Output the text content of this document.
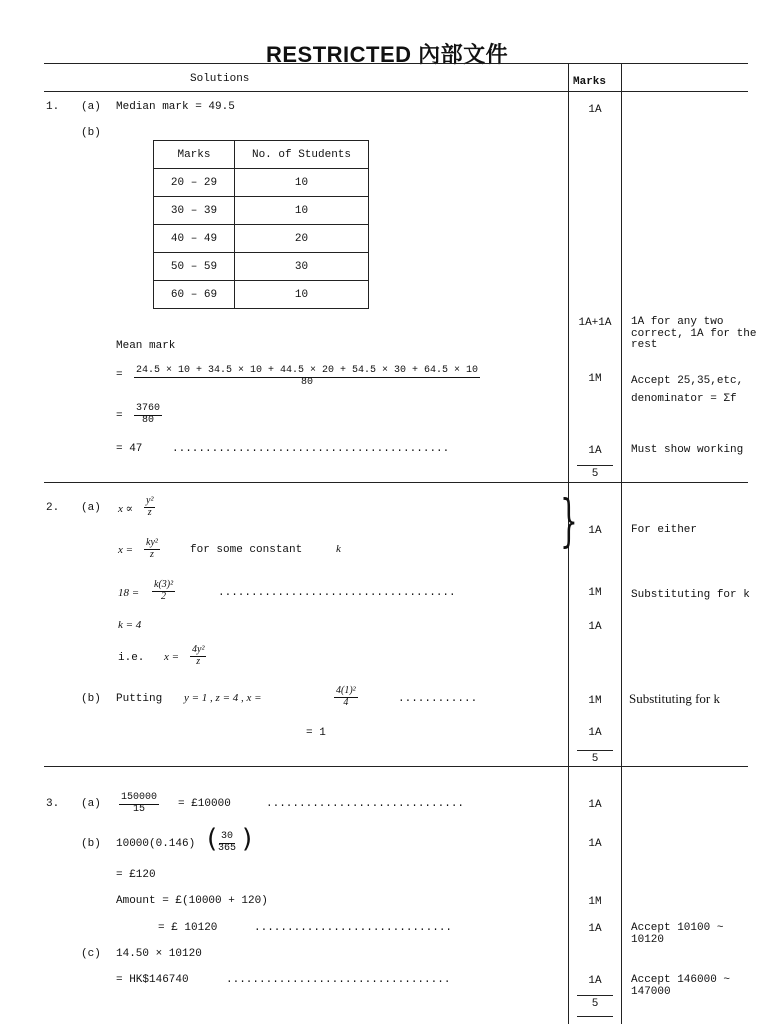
RESTRICTED 內部文件
Solutions	Marks
1. (a) Median mark = 49.5	1A
(b)
Marks	No. of Students
20 – 29	10
30 – 39	10
40 – 49	20
50 – 59	30
60 – 69	10
1A+1A	1A for any two correct, 1A for the rest
Mean mark
= $\frac{24.5 \times 10 + 34.5 \times 10 + 44.5 \times 20 + 54.5 \times 30 + 64.5 \times 10}{80}$	1M	Accept 25,35,etc, denominator = Σf
= $\frac{3760}{80}$
= 47	..........................................	1A	Must show working
5
2. (a) $x \propto \frac{\text{y²}}{z}$
$x = \frac{\text{ky²}}{z}$	for some constant	k	} 1A	For either
$18 = \frac{\text{k(3)²}}{2}$	....................................	1M	Substituting for k
k = 4	1A
i.e. $x = \frac{\text{4y²}}{z}$
(b) Putting y = 1 , z = 4 , x =	$\frac{\text{4(1)²}}{4}$	............	1M	Substituting for k
= 1	1A
5
3. $(a) \frac{150000}{15}$ = £10000	..............................	1A
(b) 10000(0.146) (
$\frac{30}{365}$ )	1A
= £120
Amount = £(10000 + 120)	1M
= £ 10120	..............................	1A	Accept 10100 ~ 10120
(c) 14.50 × 10120
= HK$146740	..................................	1A	Accept 146000 ~ 147000
5
